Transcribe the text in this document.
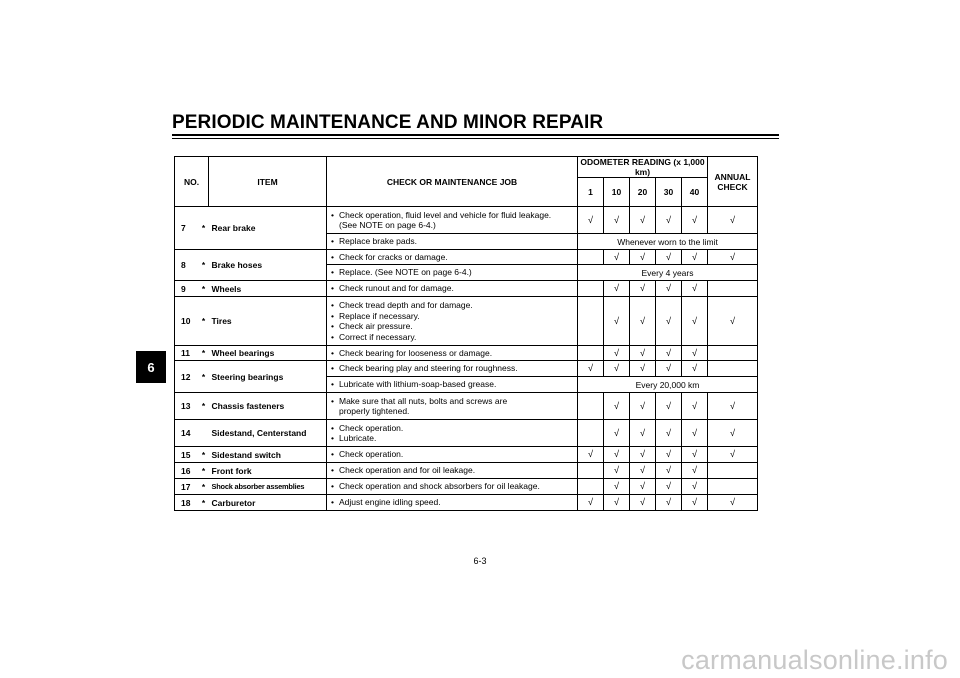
PERIODIC MAINTENANCE AND MINOR REPAIR
6
NO.		ITEM	CHECK OR MAINTENANCE JOB	ODOMETER READING (x 1,000 km)					ANNUAL CHECK
				1	10	20	30	40	
7	*	Rear brake	• Check operation, fluid level and vehicle for fluid leakage.
(See NOTE on page 6-4.)	√	√	√	√	√	√

			• Replace brake pads.	Whenever worn to the limit					
8	*	Brake hoses	• Check for cracks or damage.		√	√	√	√	√

			• Replace. (See NOTE on page 6-4.)	Every 4 years					
9	*	Wheels	• Check runout and for damage.		√	√	√	√	
10	*	Tires	• Check tread depth and for damage.
• Replace if necessary.
• Check air pressure.
• Correct if necessary.		√	√	√	√	√
11	*	Wheel bearings	• Check bearing for looseness or damage.		√	√	√	√	
12	*	Steering bearings	• Check bearing play and steering for roughness.	√	√	√	√	√	

			• Lubricate with lithium-soap-based grease.	Every 20,000 km					
13	*	Chassis fasteners	• Make sure that all nuts, bolts and screws are
properly tightened.		√	√	√	√	√
14		Sidestand, Centerstand	• Check operation.
• Lubricate.		√	√	√	√	√
15	*	Sidestand switch	• Check operation.	√	√	√	√	√	√
16	*	Front fork	• Check operation and for oil leakage.		√	√	√	√	
17	*	Shock absorber assemblies	• Check operation and shock absorbers for oil leakage.		√	√	√	√	
18	*	Carburetor	• Adjust engine idling speed.	√	√	√	√	√	√
6-3
carmanualsonline.info
